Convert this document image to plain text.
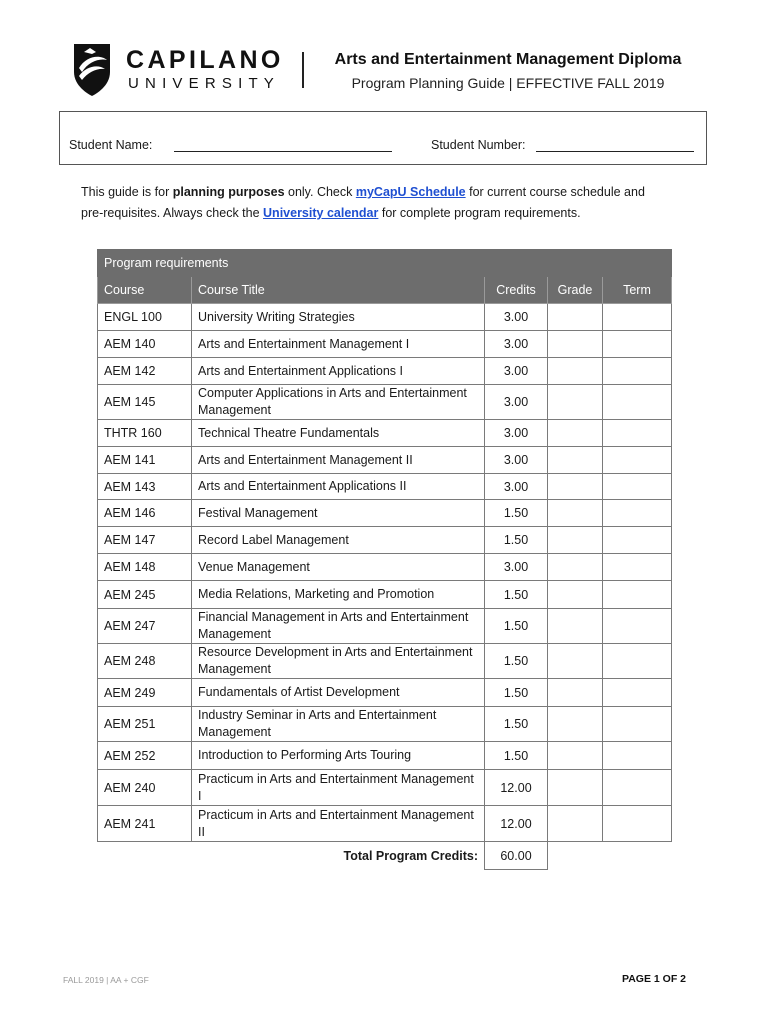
CAPILANO
UNIVERSITY
Arts and Entertainment Management Diploma
Program Planning Guide | EFFECTIVE FALL 2019
Student Name:	Student Number:
This guide is for planning purposes only. Check myCapU Schedule for current course schedule and
pre-requisites. Always check the University calendar for complete program requirements.
Program requirements				
Course	Course Title	Credits	Grade	Term
ENGL 100	University Writing Strategies	3.00		
AEM 140	Arts and Entertainment Management I	3.00		
AEM 142	Arts and Entertainment Applications I	3.00		
AEM 145	Computer Applications in Arts and Entertainment Management	3.00		
THTR 160	Technical Theatre Fundamentals	3.00		
AEM 141	Arts and Entertainment Management II	3.00		
AEM 143	Arts and Entertainment Applications II	3.00		
AEM 146	Festival Management	1.50		
AEM 147	Record Label Management	1.50		
AEM 148	Venue Management	3.00		
AEM 245	Media Relations, Marketing and Promotion	1.50		
AEM 247	Financial Management in Arts and Entertainment Management	1.50		
AEM 248	Resource Development in Arts and Entertainment Management	1.50		
AEM 249	Fundamentals of Artist Development	1.50		
AEM 251	Industry Seminar in Arts and Entertainment Management	1.50		
AEM 252	Introduction to Performing Arts Touring	1.50		
AEM 240	Practicum in Arts and Entertainment Management I	12.00		
AEM 241	Practicum in Arts and Entertainment Management II	12.00		
Total Program Credits:		60.00		
FALL 2019 | AA + CGF	PAGE 1 OF 2
